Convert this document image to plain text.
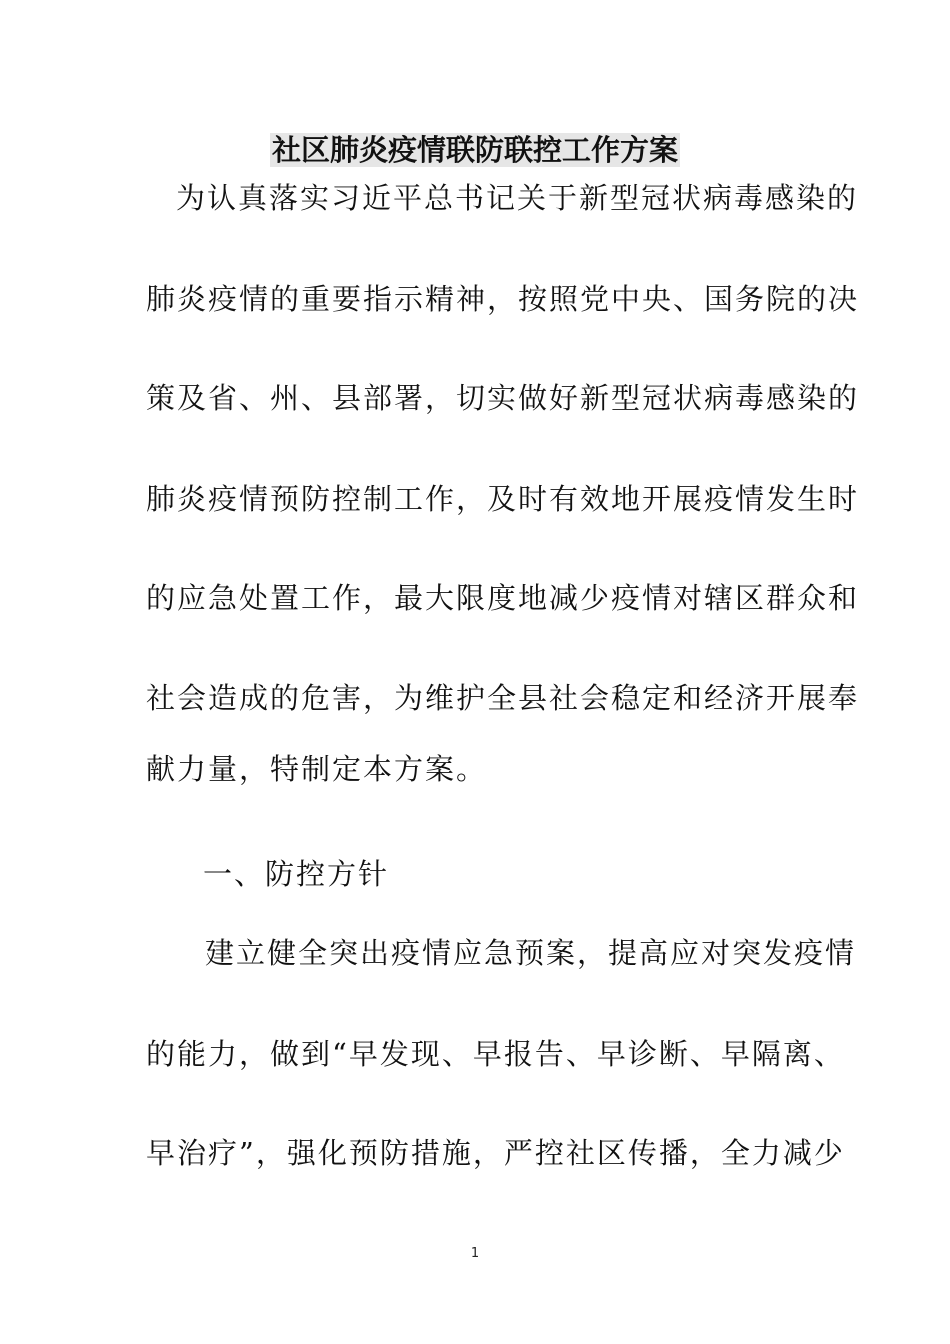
社区肺炎疫情联防联控工作方案
为认真落实习近平总书记关于新型冠状病毒感染的
肺炎疫情的重要指示精神，按照党中央、国务院的决
策及省、州、县部署，切实做好新型冠状病毒感染的
肺炎疫情预防控制工作，及时有效地开展疫情发生时
的应急处置工作，最大限度地减少疫情对辖区群众和
社会造成的危害，为维护全县社会稳定和经济开展奉
献力量，特制定本方案。
一、防控方针
建立健全突出疫情应急预案，提高应对突发疫情
的能力，做到“早发现、早报告、早诊断、早隔离、
早治疗”，强化预防措施，严控社区传播，全力减少
1
